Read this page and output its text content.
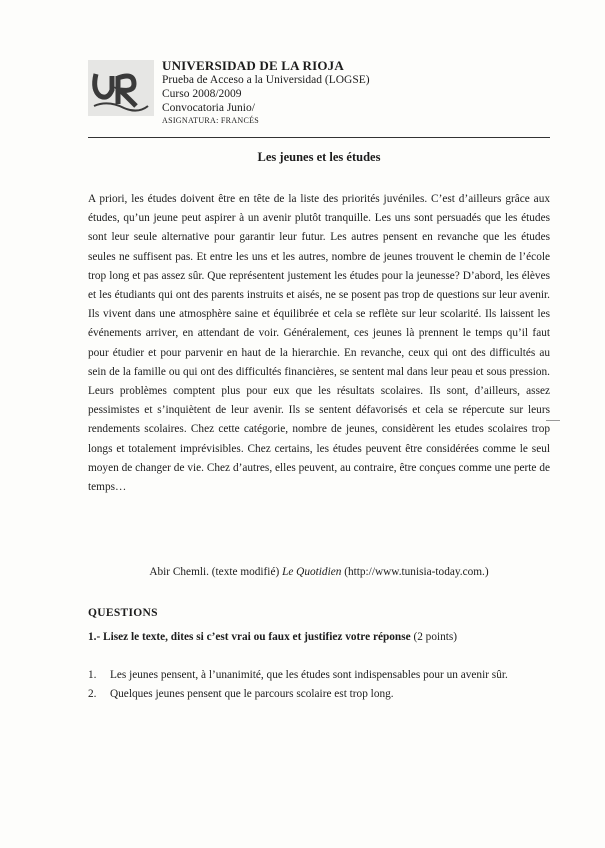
UNIVERSIDAD DE LA RIOJA
Prueba de Acceso a la Universidad (LOGSE)
Curso 2008/2009
Convocatoria Junio/
ASIGNATURA: FRANCÉS
Les jeunes et les études

A priori, les études doivent être en tête de la liste des priorités juvéniles. C’est d’ailleurs grâce aux études, qu’un jeune peut aspirer à un avenir plutôt tranquille. Les uns sont persuadés que les études sont leur seule alternative pour garantir leur futur. Les autres pensent en revanche que les études seules ne suffisent pas. Et entre les uns et les autres, nombre de jeunes trouvent le chemin de l’école trop long et pas assez sûr. Que représentent justement les études pour la jeunesse? D’abord, les élèves et les étudiants qui ont des parents instruits et aisés, ne se posent pas trop de questions sur leur avenir. Ils vivent dans une atmosphère saine et équilibrée et cela se reflète sur leur scolarité. Ils laissent les événements arriver, en attendant de voir. Généralement, ces jeunes là prennent le temps qu’il faut pour étudier et pour parvenir en haut de la hierarchie. En revanche, ceux qui ont des difficultés au sein de la famille ou qui ont des difficultés financières, se sentent mal dans leur peau et sous pression. Leurs problèmes comptent plus pour eux que les résultats scolaires. Ils sont, d’ailleurs, assez pessimistes et s’inquiètent de leur avenir. Ils se sentent défavorisés et cela se répercute sur leurs rendements scolaires. Chez cette catégorie, nombre de jeunes, considèrent les etudes scolaires trop longs et totalement imprévisibles. Chez certains, les études peuvent être considérées comme le seul moyen de changer de vie. Chez d’autres, elles peuvent, au contraire, être conçues comme une perte de temps…

Abir Chemli. (texte modifié) Le Quotidien (http://www.tunisia-today.com.)
QUESTIONS
1.- Lisez le texte, dites si c’est vrai ou faux et justifiez votre réponse (2 points)
1.	Les jeunes pensent, à l’unanimité, que les études sont indispensables pour un avenir sûr.
2.	Quelques jeunes pensent que le parcours scolaire est trop long.
